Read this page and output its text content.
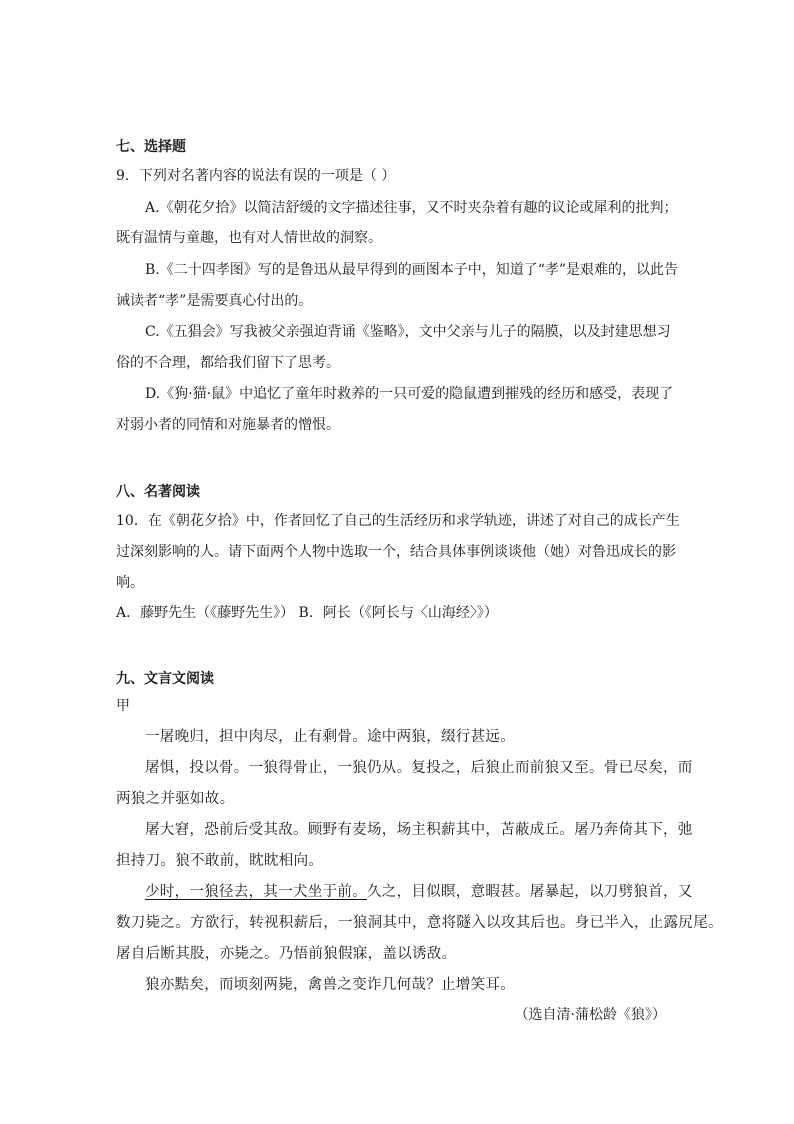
七、选择题
9．下列对名著内容的说法有误的一项是（ ）
A.《朝花夕拾》以简洁舒缓的文字描述往事，又不时夹杂着有趣的议论或犀利的批判；
既有温情与童趣，也有对人情世故的洞察。
B.《二十四孝图》写的是鲁迅从最早得到的画图本子中，知道了“孝”是艰难的，以此告
诫读者“孝”是需要真心付出的。
C.《五猖会》写我被父亲强迫背诵《鉴略》，文中父亲与儿子的隔膜，以及封建思想习
俗的不合理，都给我们留下了思考。
D.《狗·猫·鼠》中追忆了童年时救养的一只可爱的隐鼠遭到摧残的经历和感受，表现了
对弱小者的同情和对施暴者的憎恨。
八、名著阅读
10．在《朝花夕拾》中，作者回忆了自己的生活经历和求学轨迹，讲述了对自己的成长产生
过深刻影响的人。请下面两个人物中选取一个，结合具体事例谈谈他（她）对鲁迅成长的影
响。
A．藤野先生（《藤野先生》） B．阿长（《阿长与〈山海经〉》）
九、文言文阅读
甲
一屠晚归，担中肉尽，止有剩骨。途中两狼，缀行甚远。
屠惧，投以骨。一狼得骨止，一狼仍从。复投之，后狼止而前狼又至。骨已尽矣，而
两狼之并驱如故。
屠大窘，恐前后受其敌。顾野有麦场，场主积薪其中，苫蔽成丘。屠乃奔倚其下，弛
担持刀。狼不敢前，眈眈相向。
少时，一狼径去，其一犬坐于前。久之，目似瞑，意暇甚。屠暴起，以刀劈狼首，又
数刀毙之。方欲行，转视积薪后，一狼洞其中，意将隧入以攻其后也。身已半入，止露尻尾。
屠自后断其股，亦毙之。乃悟前狼假寐，盖以诱敌。
狼亦黠矣，而顷刻两毙，禽兽之变诈几何哉？止增笑耳。
（选自清·蒲松龄《狼》）
